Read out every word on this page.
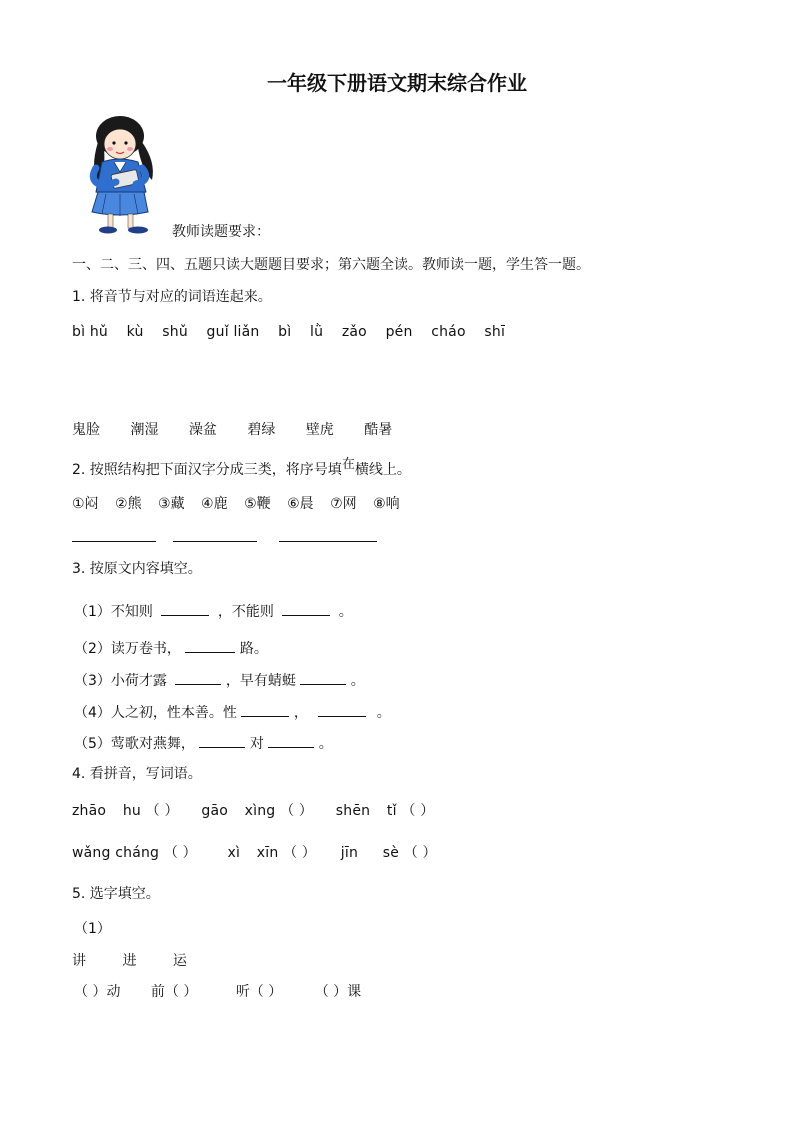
一年级下册语文期末综合作业
教师读题要求：
一、二、三、四、五题只读大题题目要求；第六题全读。教师读一题，学生答一题。
1. 将音节与对应的词语连起来。
bì hǔ kù shǔ guǐ liǎn bì lǜ zǎo pén cháo shī
鬼脸 潮湿 澡盆 碧绿 壁虎 酷暑
2. 按照结构把下面汉字分成三类，将序号填在横线上。
①闷 ②熊 ③藏 ④鹿 ⑤鞭 ⑥晨 ⑦网 ⑧响
3. 按原文内容填空。
（1）不知则	，不能则	。
（2）读万卷书，	路。
（3）小荷才露	，早有蜻蜓	。
（4）人之初，性本善。性	，	。
（5）莺歌对燕舞，	对	。
4. 看拼音，写词语。
zhāo hu （ ） gāo xìng （ ） shēn tǐ （ ）
wǎng cháng （ ） xì xīn （ ） jīn sè （ ）
5. 选字填空。
（1）
讲	进	运
（ ）动 前（ ）	听（ ） （ ）课
